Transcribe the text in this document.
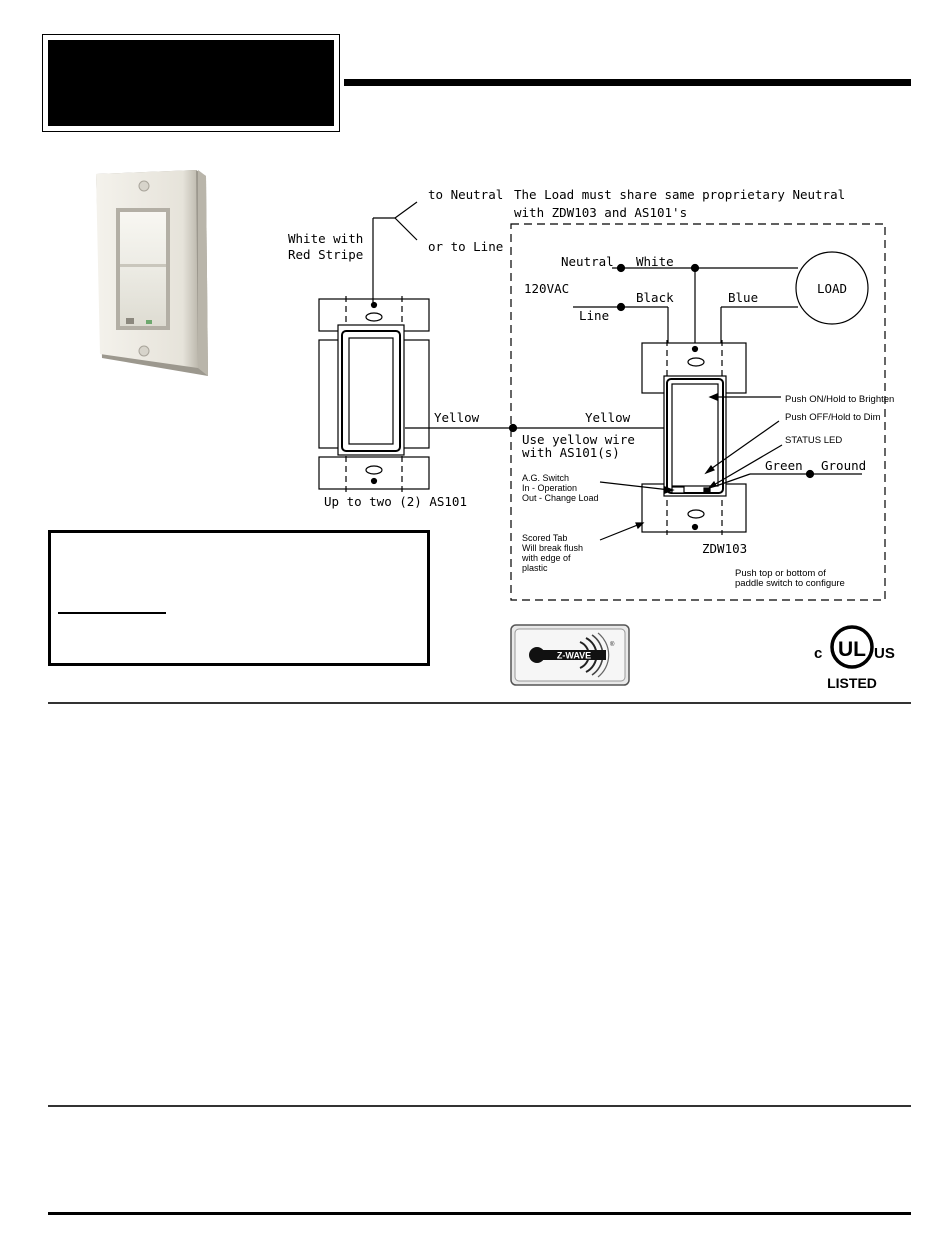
to Neutral
or to Line
The Load must share same proprietary Neutral
with ZDW103 and AS101's
White with
Red Stripe	Neutral White
120VAC
Black	Blue
Line
LOAD
Yellow	Yellow
Use yellow wire
with AS101(s)
Push ON/Hold to Brighten
Push OFF/Hold to Dim
STATUS LED
Green Ground
A.G. Switch
In - Operation
Out - Change Load
Up to two (2) AS101
Scored Tab
Will break flush
with edge of
plastic
ZDW103
Push top or bottom of
paddle switch to configure
Z-WAVE
®	c UL US
LISTED
